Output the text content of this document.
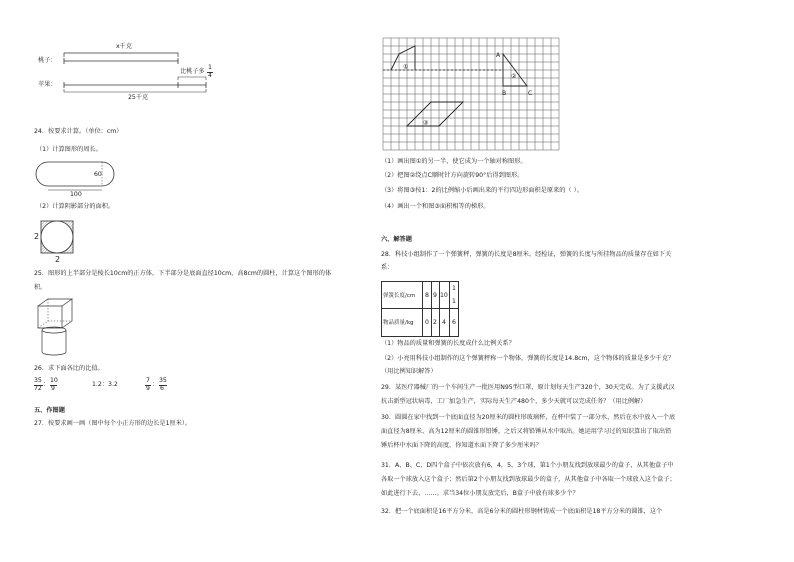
x千克
桃子：
苹果：
比桃子多
1
4
25千克
24．按要求计算。（单位：cm）
（1）计算图形的周长。
60
100
（2）计算阴影部分的面积。
2
2
25．图形的上半部分是棱长10cm的正方体，下半部分是底面直径10cm，高8cm的圆柱，计算这个图形的体
积。
26．求下面各比的比值。
35
72
：
10
9
1.2：3.2
7
9
：
35
6
五、作图题
27．按要求画一画（图中每个小正方形的边长是1厘米）。
A
B	C
①
②
③
（1）画出图①的另一半，使它成为一个轴对称图形。
（2）把图②绕点C顺时针方向旋转90°后得到图形。
（3）将图③按1：2的比例缩小后画出来的平行四边形面积是原来的（ ）。
（4）画出一个和图③面积相等的梯形。
六、解答题
28．科技小组制作了一个弹簧秤，弹簧的长度是8厘米。经检证，弹簧的长度与所挂物品的质量存在如下关
系：
弹簧长度/cm 8 9 10
1
1
物品质量/kg 0 2 4 6
（1）物品的质量和弹簧的长度成什么比例关系？
（2）小亮用科技小组制作的这个弹簧秤称一个物体，弹簧的长度是14.8cm，这个物体的质量是多少千克？
（用比例知识解答）
29．某医疗器械厂的一个车间生产一批医用N95型口罩，原计划每天生产320个，30天完成。为了支援武汉
抗击新型冠状病毒，工厂加急生产，实际每天生产480个，多少天就可以完成任务？（用比例解）
30．圆圆在家中找到一个底面直径为20厘米的圆柱形玻璃杯，在杯中装了一部分水，然后在水中放入一个底
面直径为8厘米、高为12厘米的圆锥形铅锤，之后又将铅锤从水中取出。她运用学习过的知识算出了取出铅
锤后杯中水面下降的高度，你知道水面下降了多少厘米吗？
31．A、B、C、D四个盒子中依次放有6，4，5，3个球，第1个小朋友找到放球最少的盒子，从其他盒子中
各取一个球放入这个盒子；然后第2个小朋友找到放球最少的盒子，从其他盒子中各取一个球放入这个盒子；
如此进行下去，……。求当34位小朋友放完后，B盒子中放有球多少个？
32．把一个底面积是16平方分米，高是6分米的圆柱形钢材铸成一个底面积是18平方分米的圆锥，这个
